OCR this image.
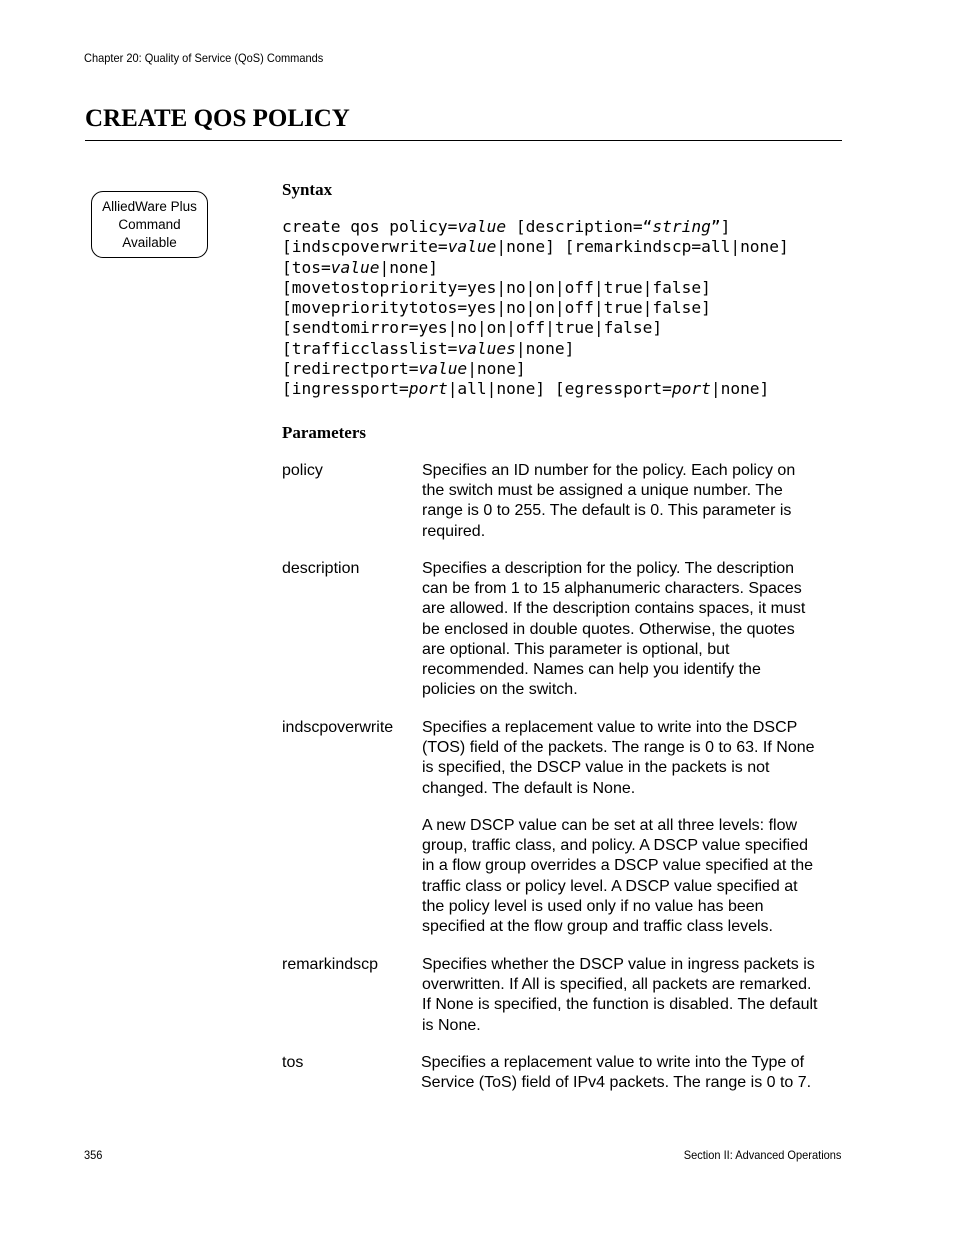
Chapter 20: Quality of Service (QoS) Commands
CREATE QOS POLICY
AlliedWare Plus
Command
Available
Syntax
create qos policy=value [description=“string”]
[indscpoverwrite=value|none] [remarkindscp=all|none]
[tos=value|none]
[movetostopriority=yes|no|on|off|true|false]
[moveprioritytotos=yes|no|on|off|true|false]
[sendtomirror=yes|no|on|off|true|false]
[trafficclasslist=values|none]
[redirectport=value|none]
[ingressport=port|all|none] [egressport=port|none]
Parameters
policy	Specifies an ID number for the policy. Each policy on
the switch must be assigned a unique number. The
range is 0 to 255. The default is 0. This parameter is
required.
description	Specifies a description for the policy. The description
can be from 1 to 15 alphanumeric characters. Spaces
are allowed. If the description contains spaces, it must
be enclosed in double quotes. Otherwise, the quotes
are optional. This parameter is optional, but
recommended. Names can help you identify the
policies on the switch.
indscpoverwrite Specifies a replacement value to write into the DSCP
(TOS) field of the packets. The range is 0 to 63. If None
is specified, the DSCP value in the packets is not
changed. The default is None.
A new DSCP value can be set at all three levels: flow
group, traffic class, and policy. A DSCP value specified
in a flow group overrides a DSCP value specified at the
traffic class or policy level. A DSCP value specified at
the policy level is used only if no value has been
specified at the flow group and traffic class levels.
remarkindscp	Specifies whether the DSCP value in ingress packets is
overwritten. If All is specified, all packets are remarked.
If None is specified, the function is disabled. The default
is None.
tos	Specifies a replacement value to write into the Type of
Service (ToS) field of IPv4 packets. The range is 0 to 7.
356	Section II: Advanced Operations
